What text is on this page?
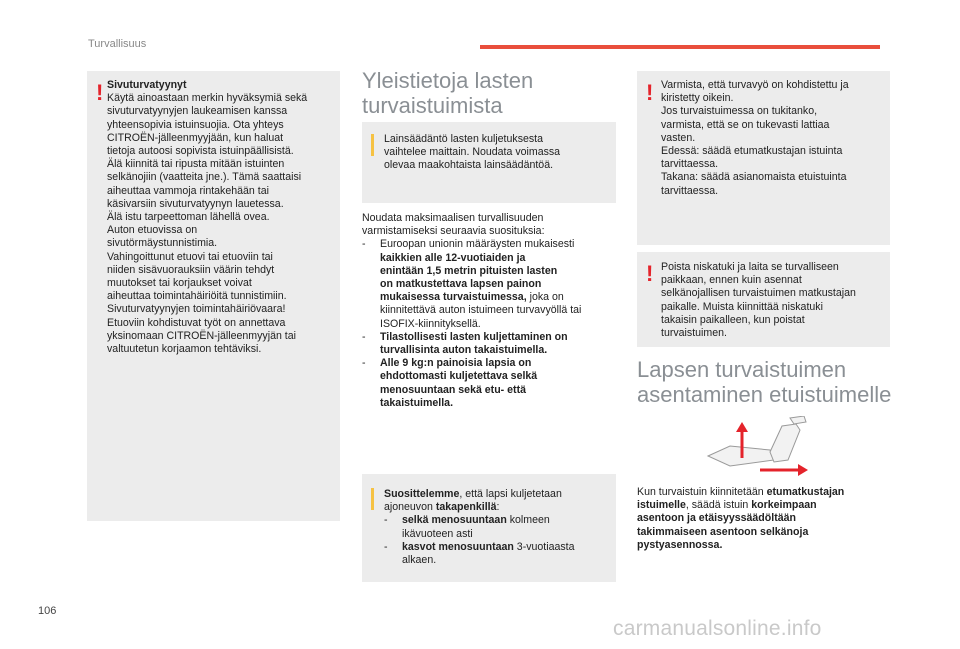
Turvallisuus
106
carmanualsonline.info
! Sivuturvatyynyt
Käytä ainoastaan merkin hyväksymiä sekä
sivuturvatyynyjen laukeamisen kanssa
yhteensopivia istuinsuojia. Ota yhteys
CITROËN-jälleenmyyjään, kun haluat
tietoja autoosi sopivista istuinpäällisistä.
Älä kiinnitä tai ripusta mitään istuinten
selkänojiin (vaatteita jne.). Tämä saattaisi
aiheuttaa vammoja rintakehään tai
käsivarsiin sivuturvatyynyn lauetessa.
Älä istu tarpeettoman lähellä ovea.
Auton etuovissa on
sivutörmäystunnistimia.
Vahingoittunut etuovi tai etuoviin tai
niiden sisävuorauksiin väärin tehdyt
muutokset tai korjaukset voivat
aiheuttaa toimintahäiriöitä tunnistimiin.
Sivuturvatyynyjen toimintahäiriövaara!
Etuoviin kohdistuvat työt on annettava
yksinomaan CITROËN-jälleenmyyjän tai
valtuutetun korjaamon tehtäviksi.
Yleistietoja lasten
turvaistuimista
Lainsäädäntö lasten kuljetuksesta
vaihtelee maittain. Noudata voimassa
olevaa maakohtaista lainsäädäntöä.
Noudata maksimaalisen turvallisuuden
varmistamiseksi seuraavia suosituksia:
- Euroopan unionin määräysten mukaisesti
kaikkien alle 12-vuotiaiden ja
enintään 1,5 metrin pituisten lasten
on matkustettava lapsen painon
mukaisessa turvaistuimessa, joka on
kiinnitettävä auton istuimeen turvavyöllä tai
ISOFIX-kiinnityksellä.
- Tilastollisesti lasten kuljettaminen on
turvallisinta auton takaistuimella.
- Alle 9 kg:n painoisia lapsia on
ehdottomasti kuljetettava selkä
menosuuntaan sekä etu- että
takaistuimella.
Suosittelemme, että lapsi kuljetetaan
ajoneuvon takapenkillä:
- selkä menosuuntaan kolmeen
ikävuoteen asti
- kasvot menosuuntaan 3-vuotiaasta
alkaen.
! Varmista, että turvavyö on kohdistettu ja
kiristetty oikein.
Jos turvaistuimessa on tukitanko,
varmista, että se on tukevasti lattiaa
vasten.
Edessä: säädä etumatkustajan istuinta
tarvittaessa.
Takana: säädä asianomaista etuistuinta
tarvittaessa.
! Poista niskatuki ja laita se turvalliseen
paikkaan, ennen kuin asennat
selkänojallisen turvaistuimen matkustajan
paikalle. Muista kiinnittää niskatuki
takaisin paikalleen, kun poistat
turvaistuimen.
Lapsen turvaistuimen
asentaminen etuistuimelle
Kun turvaistuin kiinnitetään etumatkustajan
istuimelle, säädä istuin korkeimpaan
asentoon ja etäisyyssäädöltään
takimmaiseen asentoon selkänoja
pystyasennossa.
